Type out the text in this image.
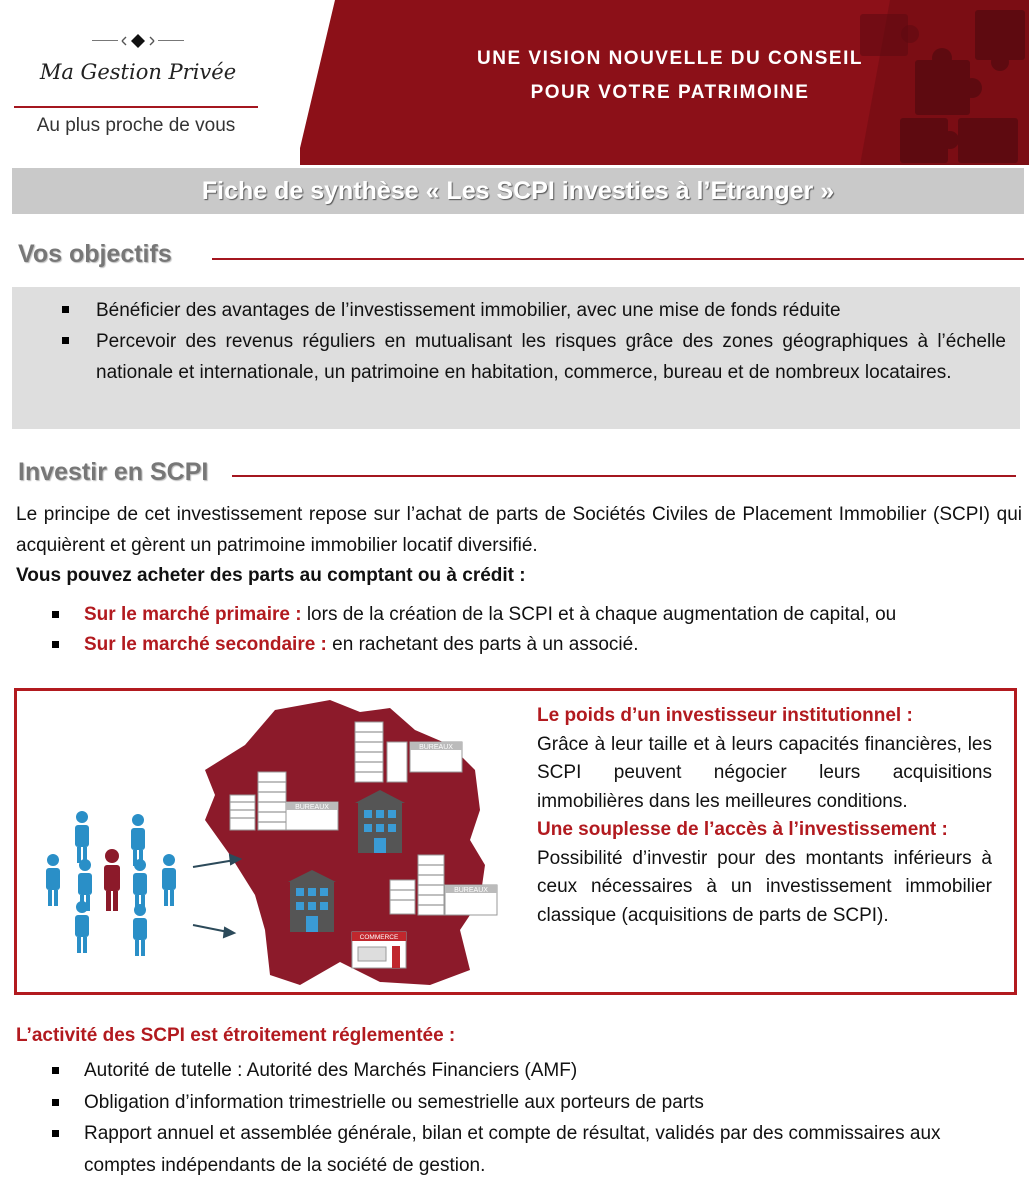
Ma Gestion Privée
Au plus proche de vous
UNE VISION NOUVELLE DU CONSEIL
POUR VOTRE PATRIMOINE
Fiche de synthèse « Les SCPI investies à l’Etranger »
Vos objectifs
Bénéficier des avantages de l’investissement immobilier, avec une mise de fonds réduite
Percevoir des revenus réguliers en mutualisant les risques grâce des zones géographiques à l’échelle nationale et internationale, un patrimoine en habitation, commerce, bureau et de nombreux locataires.
Investir en SCPI
Le principe de cet investissement repose sur l’achat de parts de Sociétés Civiles de Placement Immobilier (SCPI) qui acquièrent et gèrent un patrimoine immobilier locatif diversifié.
Vous pouvez acheter des parts au comptant ou à crédit :
Sur le marché primaire : lors de la création de la SCPI et à chaque augmentation de capital, ou
Sur le marché secondaire : en rachetant des parts à un associé.
BUREAUX
BUREAUX
BUREAUX
COMMERCE
Le poids d’un investisseur institutionnel :
Grâce à leur taille et à leurs capacités financières, les SCPI peuvent négocier leurs acquisitions immobilières dans les meilleures conditions.
Une souplesse de l’accès à l’investissement :
Possibilité d’investir pour des montants inférieurs à ceux nécessaires à un investissement immobilier classique (acquisitions de parts de SCPI).
L’activité des SCPI est étroitement réglementée :
Autorité de tutelle : Autorité des Marchés Financiers (AMF)
Obligation d’information trimestrielle ou semestrielle aux porteurs de parts
Rapport annuel et assemblée générale, bilan et compte de résultat, validés par des commissaires aux comptes indépendants de la société de gestion.
